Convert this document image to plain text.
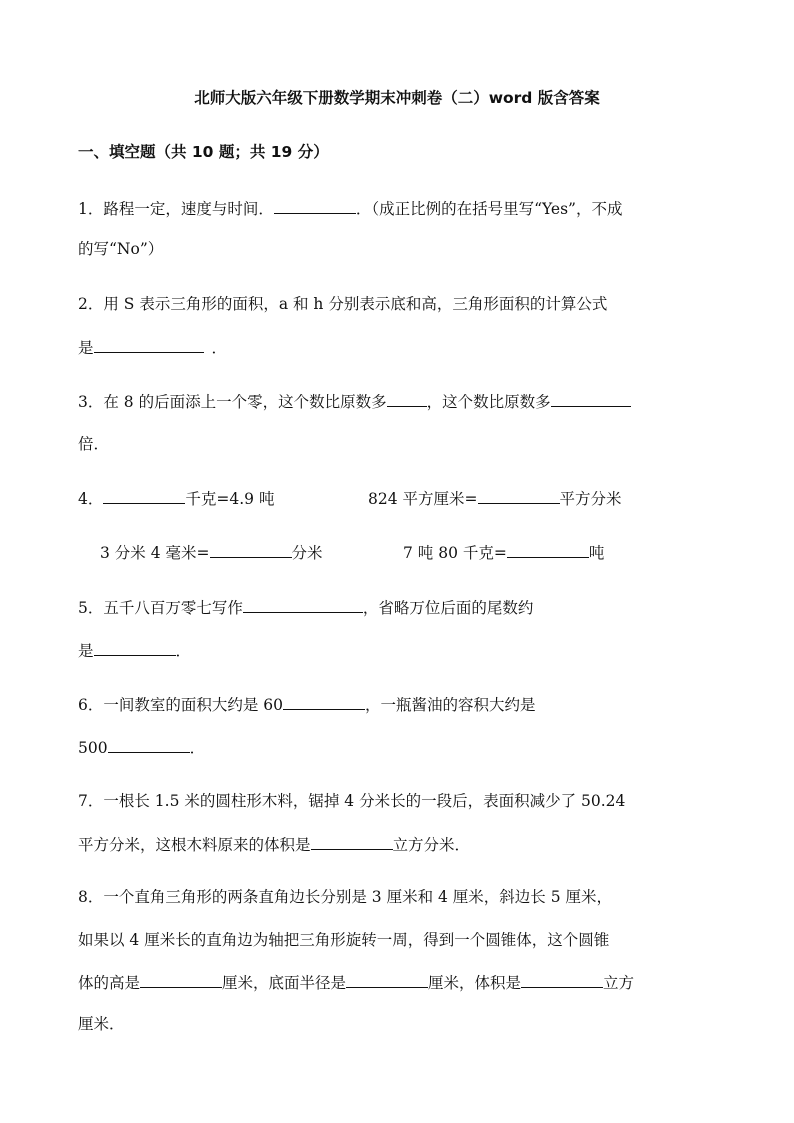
北师大版六年级下册数学期末冲刺卷（二）word 版含答案
一、填空题（共 10 题；共 19 分）
1．路程一定，速度与时间．	．（成正比例的在括号里写“Yes”，不成
的写“No”）
2．用 S 表示三角形的面积，a 和 h 分别表示底和高，三角形面积的计算公式
是	．
3．在 8 的后面添上一个零，这个数比原数多	，这个数比原数多
倍．
4．	千克=4.9 吨	824 平方厘米=	平方分米
3 分米 4 毫米=	分米	7 吨 80 千克=	吨
5．五千八百万零七写作	，省略万位后面的尾数约
是	．
6．一间教室的面积大约是 60	，一瓶酱油的容积大约是
500	．
7．一根长 1.5 米的圆柱形木料，锯掉 4 分米长的一段后，表面积减少了 50.24
平方分米，这根木料原来的体积是	立方分米．
8．一个直角三角形的两条直角边长分别是 3 厘米和 4 厘米，斜边长 5 厘米，
如果以 4 厘米长的直角边为轴把三角形旋转一周，得到一个圆锥体，这个圆锥
体的高是	厘米，底面半径是	厘米，体积是	立方
厘米．
